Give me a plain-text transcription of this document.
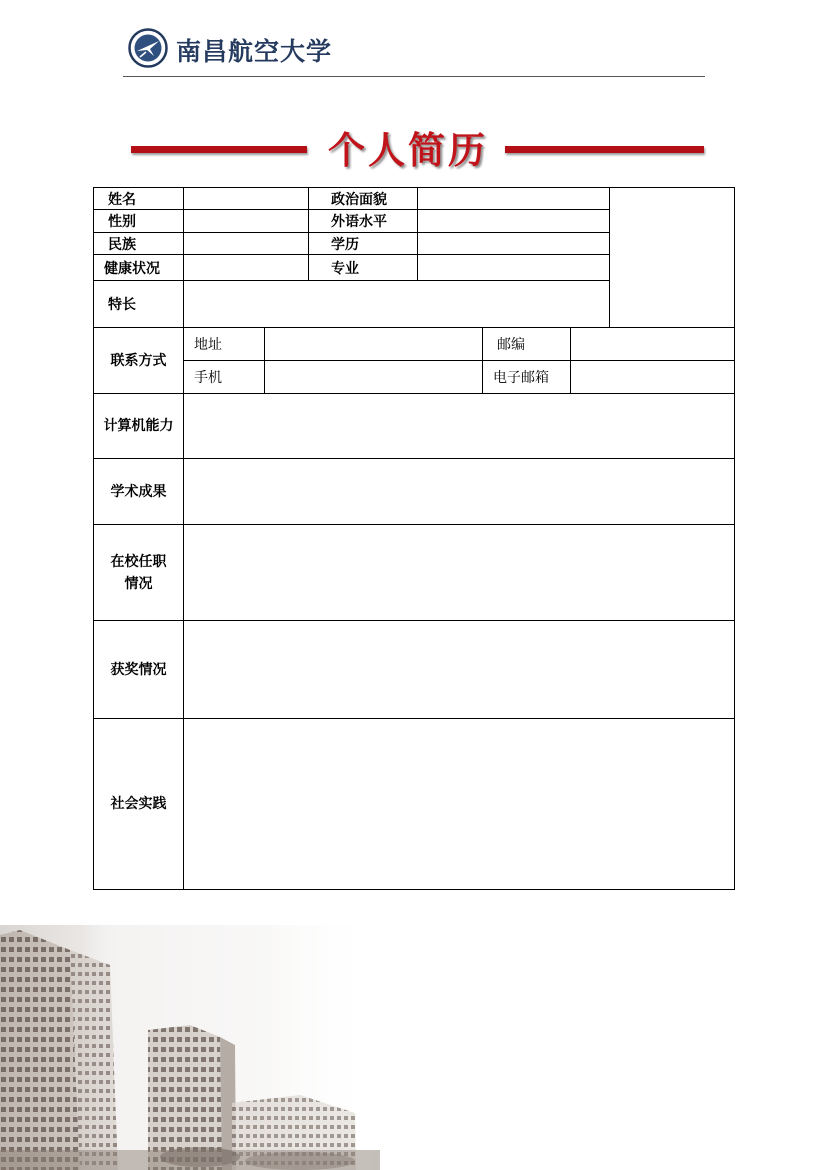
南昌航空大学
个人简历
姓名	政治面貌
性别	外语水平
民族	学历
健康状况	专业
特长
联系方式
地址	邮编
手机	电子邮箱
计算机能力
学术成果
在校任职
情况
获奖情况
社会实践
